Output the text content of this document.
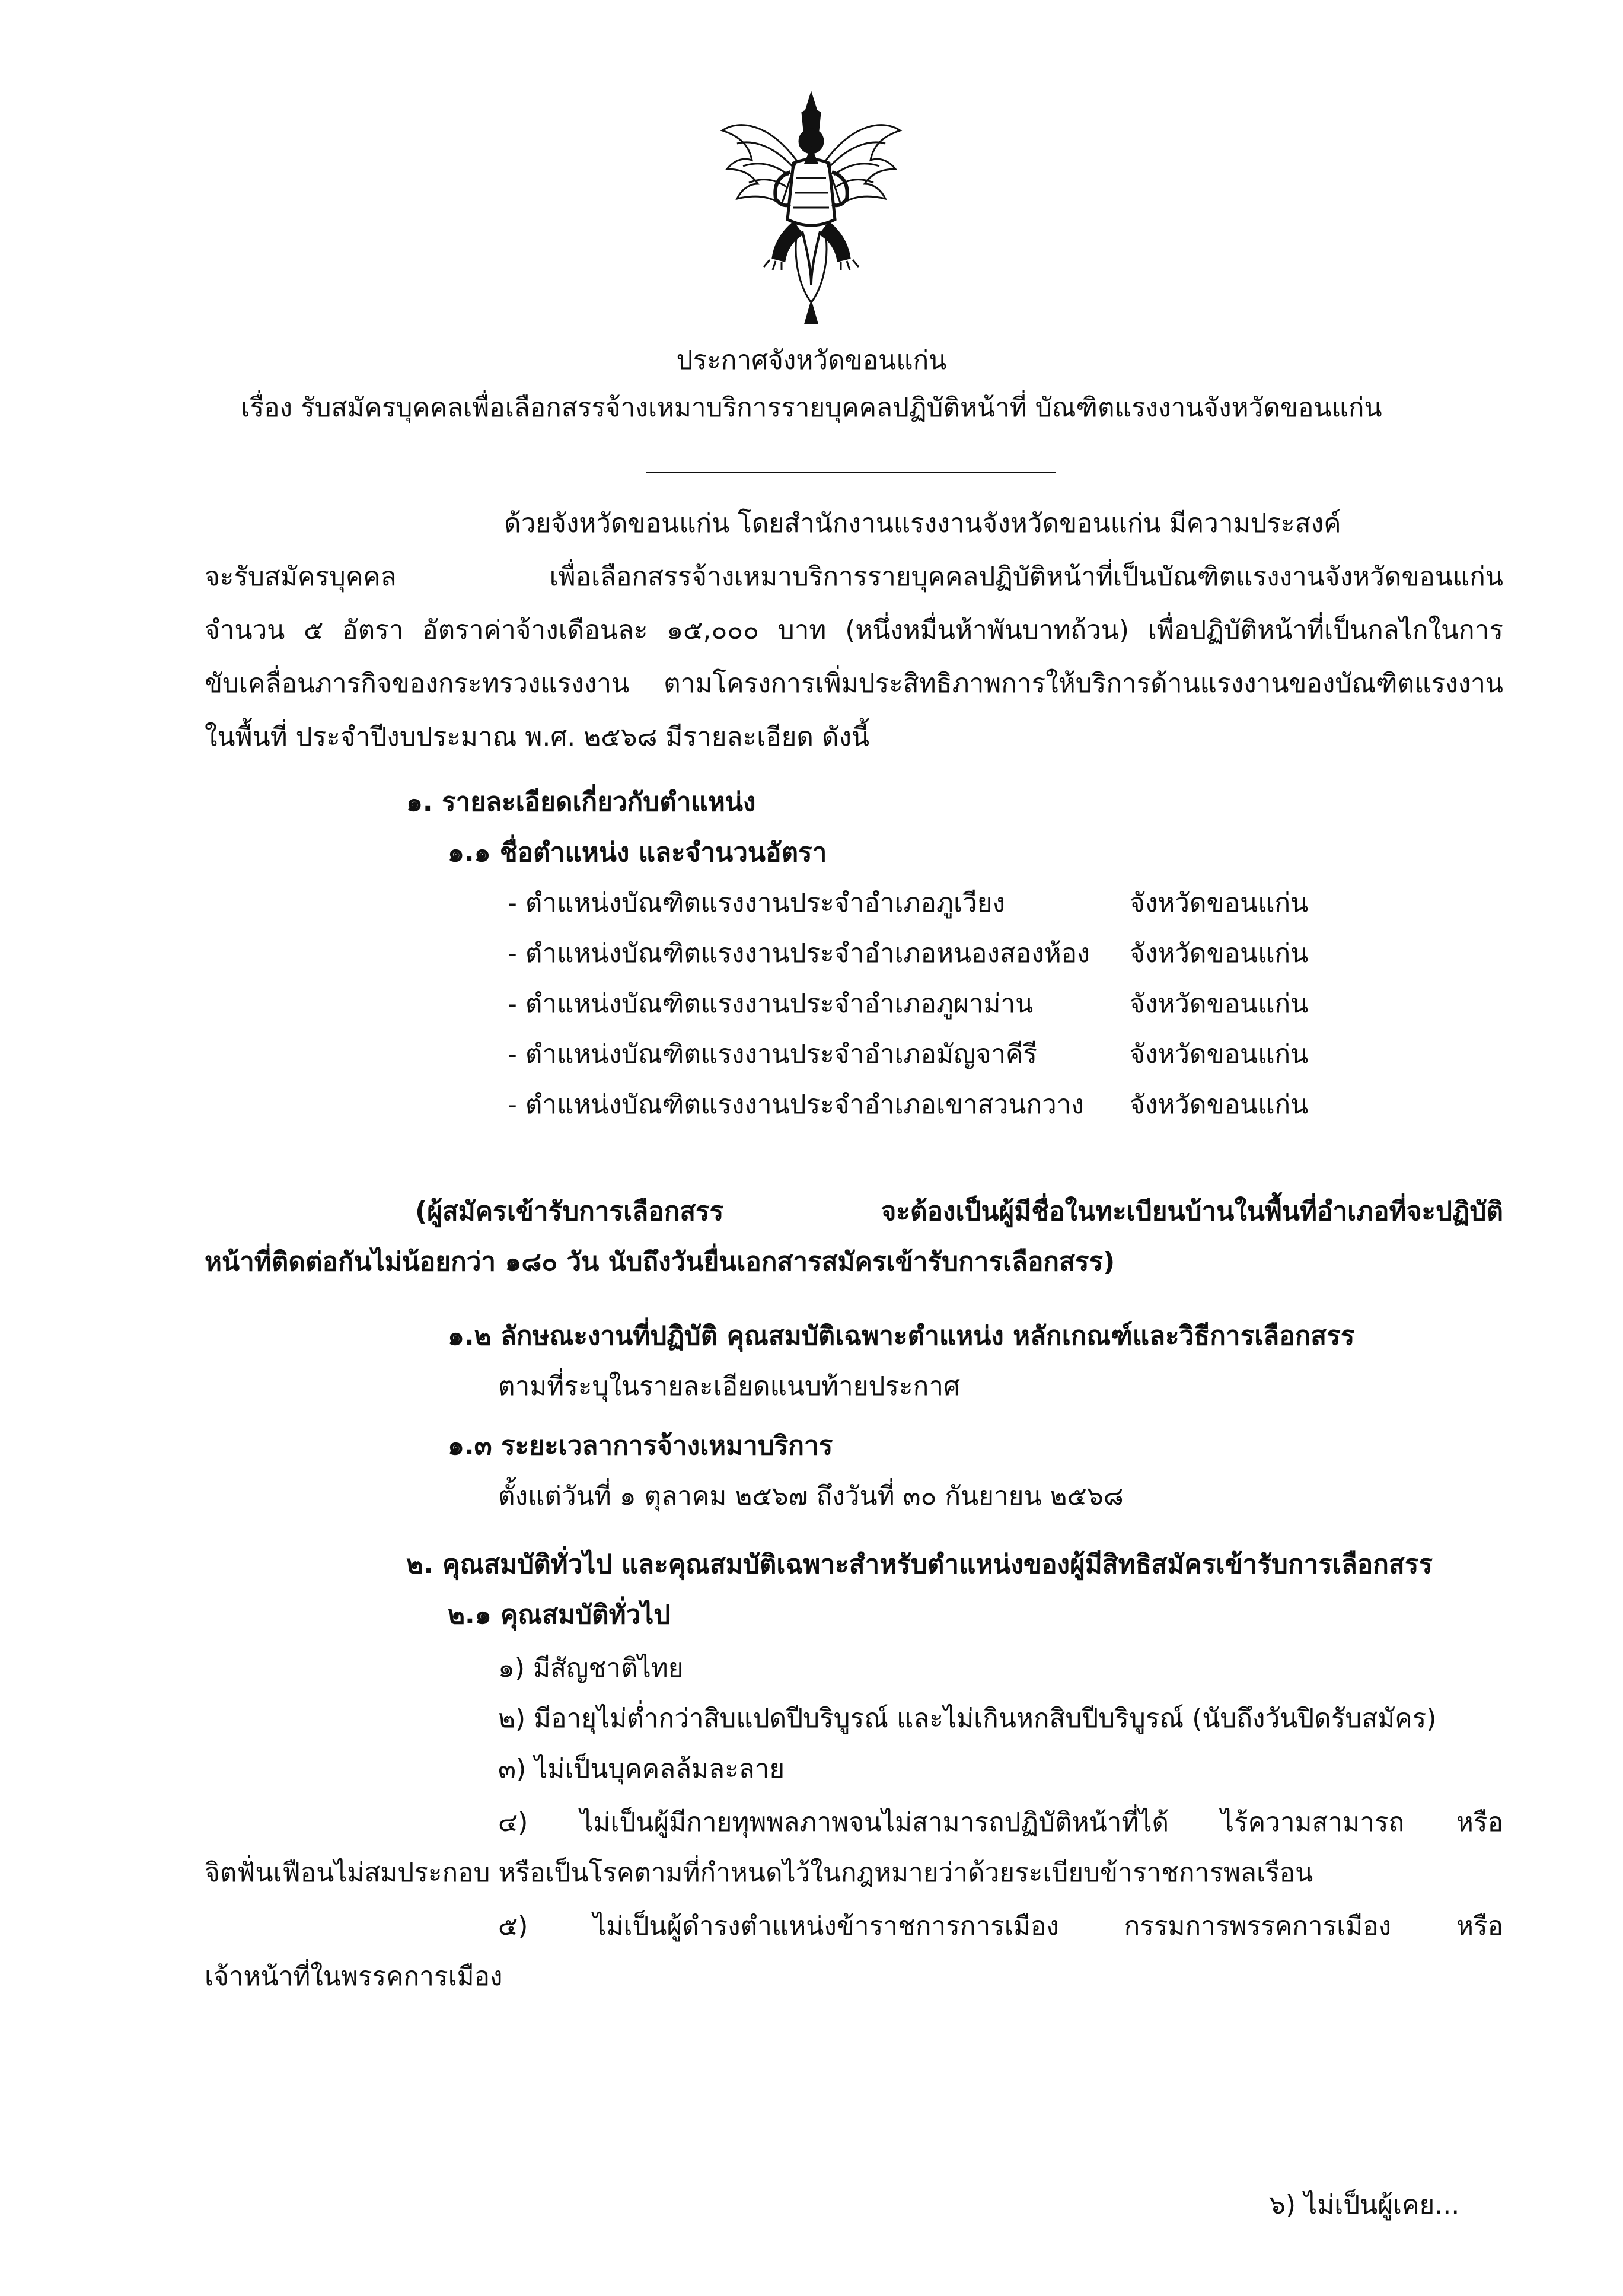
ประกาศจังหวัดขอนแก่น
เรื่อง รับสมัครบุคคลเพื่อเลือกสรรจ้างเหมาบริการรายบุคคลปฏิบัติหน้าที่ บัณฑิตแรงงานจังหวัดขอนแก่น
ด้วยจังหวัดขอนแก่น โดยสำนักงานแรงงานจังหวัดขอนแก่น มีความประสงค์
จะรับสมัครบุคคล เพื่อเลือกสรรจ้างเหมาบริการรายบุคคลปฏิบัติหน้าที่เป็นบัณฑิตแรงงานจังหวัดขอนแก่น
จำนวน ๕ อัตรา อัตราค่าจ้างเดือนละ ๑๕,๐๐๐ บาท (หนึ่งหมื่นห้าพันบาทถ้วน) เพื่อปฏิบัติหน้าที่เป็นกลไกในการ
ขับเคลื่อนภารกิจของกระทรวงแรงงาน ตามโครงการเพิ่มประสิทธิภาพการให้บริการด้านแรงงานของบัณฑิตแรงงาน
ในพื้นที่ ประจำปีงบประมาณ พ.ศ. ๒๕๖๘ มีรายละเอียด ดังนี้
๑. รายละเอียดเกี่ยวกับตำแหน่ง
๑.๑ ชื่อตำแหน่ง และจำนวนอัตรา
- ตำแหน่งบัณฑิตแรงงานประจำอำเภอภูเวียง	จังหวัดขอนแก่น
- ตำแหน่งบัณฑิตแรงงานประจำอำเภอหนองสองห้อง จังหวัดขอนแก่น
- ตำแหน่งบัณฑิตแรงงานประจำอำเภอภูผาม่าน	จังหวัดขอนแก่น
- ตำแหน่งบัณฑิตแรงงานประจำอำเภอมัญจาคีรี	จังหวัดขอนแก่น
- ตำแหน่งบัณฑิตแรงงานประจำอำเภอเขาสวนกวาง จังหวัดขอนแก่น
(ผู้สมัครเข้ารับการเลือกสรร จะต้องเป็นผู้มีชื่อในทะเบียนบ้านในพื้นที่อำเภอที่จะปฏิบัติ
หน้าที่ติดต่อกันไม่น้อยกว่า ๑๘๐ วัน นับถึงวันยื่นเอกสารสมัครเข้ารับการเลือกสรร)
๑.๒ ลักษณะงานที่ปฏิบัติ คุณสมบัติเฉพาะตำแหน่ง หลักเกณฑ์และวิธีการเลือกสรร
ตามที่ระบุในรายละเอียดแนบท้ายประกาศ
๑.๓ ระยะเวลาการจ้างเหมาบริการ
ตั้งแต่วันที่ ๑ ตุลาคม ๒๕๖๗ ถึงวันที่ ๓๐ กันยายน ๒๕๖๘
๒. คุณสมบัติทั่วไป และคุณสมบัติเฉพาะสำหรับตำแหน่งของผู้มีสิทธิสมัครเข้ารับการเลือกสรร
๒.๑ คุณสมบัติทั่วไป
๑) มีสัญชาติไทย
๒) มีอายุไม่ต่ำกว่าสิบแปดปีบริบูรณ์ และไม่เกินหกสิบปีบริบูรณ์ (นับถึงวันปิดรับสมัคร)
๓) ไม่เป็นบุคคลล้มละลาย
๔) ไม่เป็นผู้มีกายทุพพลภาพจนไม่สามารถปฏิบัติหน้าที่ได้ ไร้ความสามารถ หรือ
จิตฟั่นเฟือนไม่สมประกอบ หรือเป็นโรคตามที่กำหนดไว้ในกฎหมายว่าด้วยระเบียบข้าราชการพลเรือน
๕) ไม่เป็นผู้ดำรงตำแหน่งข้าราชการการเมือง กรรมการพรรคการเมือง หรือ
เจ้าหน้าที่ในพรรคการเมือง
๖) ไม่เป็นผู้เคย...
